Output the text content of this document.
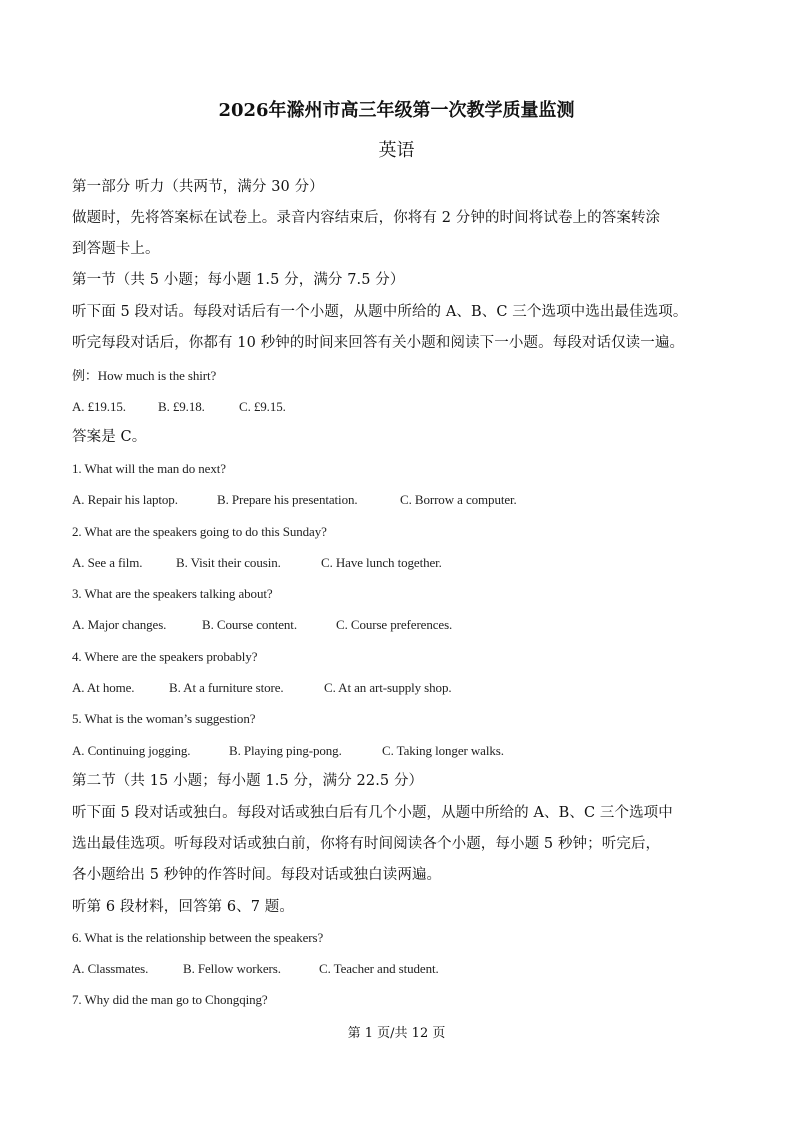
2026年滁州市高三年级第一次教学质量监测
英语
第一部分 听力（共两节，满分 30 分）
做题时，先将答案标在试卷上。录音内容结束后，你将有 2 分钟的时间将试卷上的答案转涂
到答题卡上。
第一节（共 5 小题；每小题 1.5 分，满分 7.5 分）
听下面 5 段对话。每段对话后有一个小题，从题中所给的 A、B、C 三个选项中选出最佳选项。
听完每段对话后，你都有 10 秒钟的时间来回答有关小题和阅读下一小题。每段对话仅读一遍。
例：How much is the shirt?
A. £19.15. B. £9.18.	C. £9.15.
答案是 C。
1. What will the man do next?
A. Repair his laptop.	B. Prepare his presentation.	C. Borrow a computer.
2. What are the speakers going to do this Sunday?
A. See a film.	B. Visit their cousin.	C. Have lunch together.
3. What are the speakers talking about?
A. Major changes.	B. Course content.	C. Course preferences.
4. Where are the speakers probably?
A. At home.	B. At a furniture store.	C. At an art-supply shop.
5. What is the woman’s suggestion?
A. Continuing jogging.	B. Playing ping-pong.	C. Taking longer walks.
第二节（共 15 小题；每小题 1.5 分，满分 22.5 分）
听下面 5 段对话或独白。每段对话或独白后有几个小题，从题中所给的 A、B、C 三个选项中
选出最佳选项。听每段对话或独白前，你将有时间阅读各个小题，每小题 5 秒钟；听完后，
各小题给出 5 秒钟的作答时间。每段对话或独白读两遍。
听第 6 段材料，回答第 6、7 题。
6. What is the relationship between the speakers?
A. Classmates.	B. Fellow workers.	C. Teacher and student.
7. Why did the man go to Chongqing?
第 1 页/共 12 页
